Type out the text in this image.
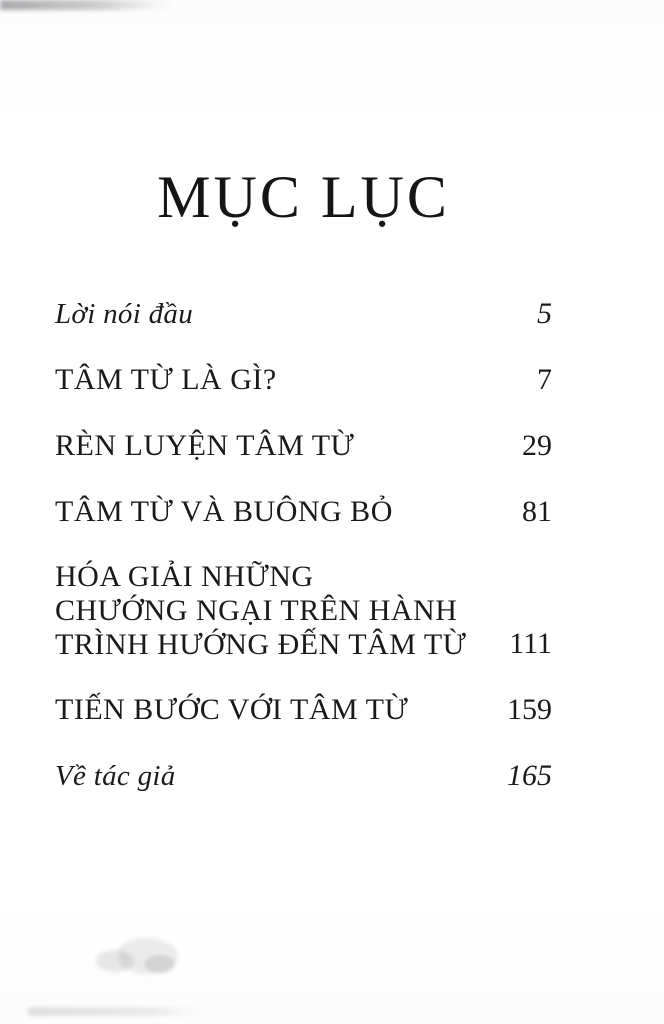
MỤC LỤC
Lời nói đầu	5
TÂM TỪ LÀ GÌ?	7
RÈN LUYỆN TÂM TỪ	29
TÂM TỪ VÀ BUÔNG BỎ	81
HÓA GIẢI NHỮNG
CHƯỚNG NGẠI TRÊN HÀNH
TRÌNH HƯỚNG ĐẾN TÂM TỪ	111
TIẾN BƯỚC VỚI TÂM TỪ	159
Về tác giả	165
